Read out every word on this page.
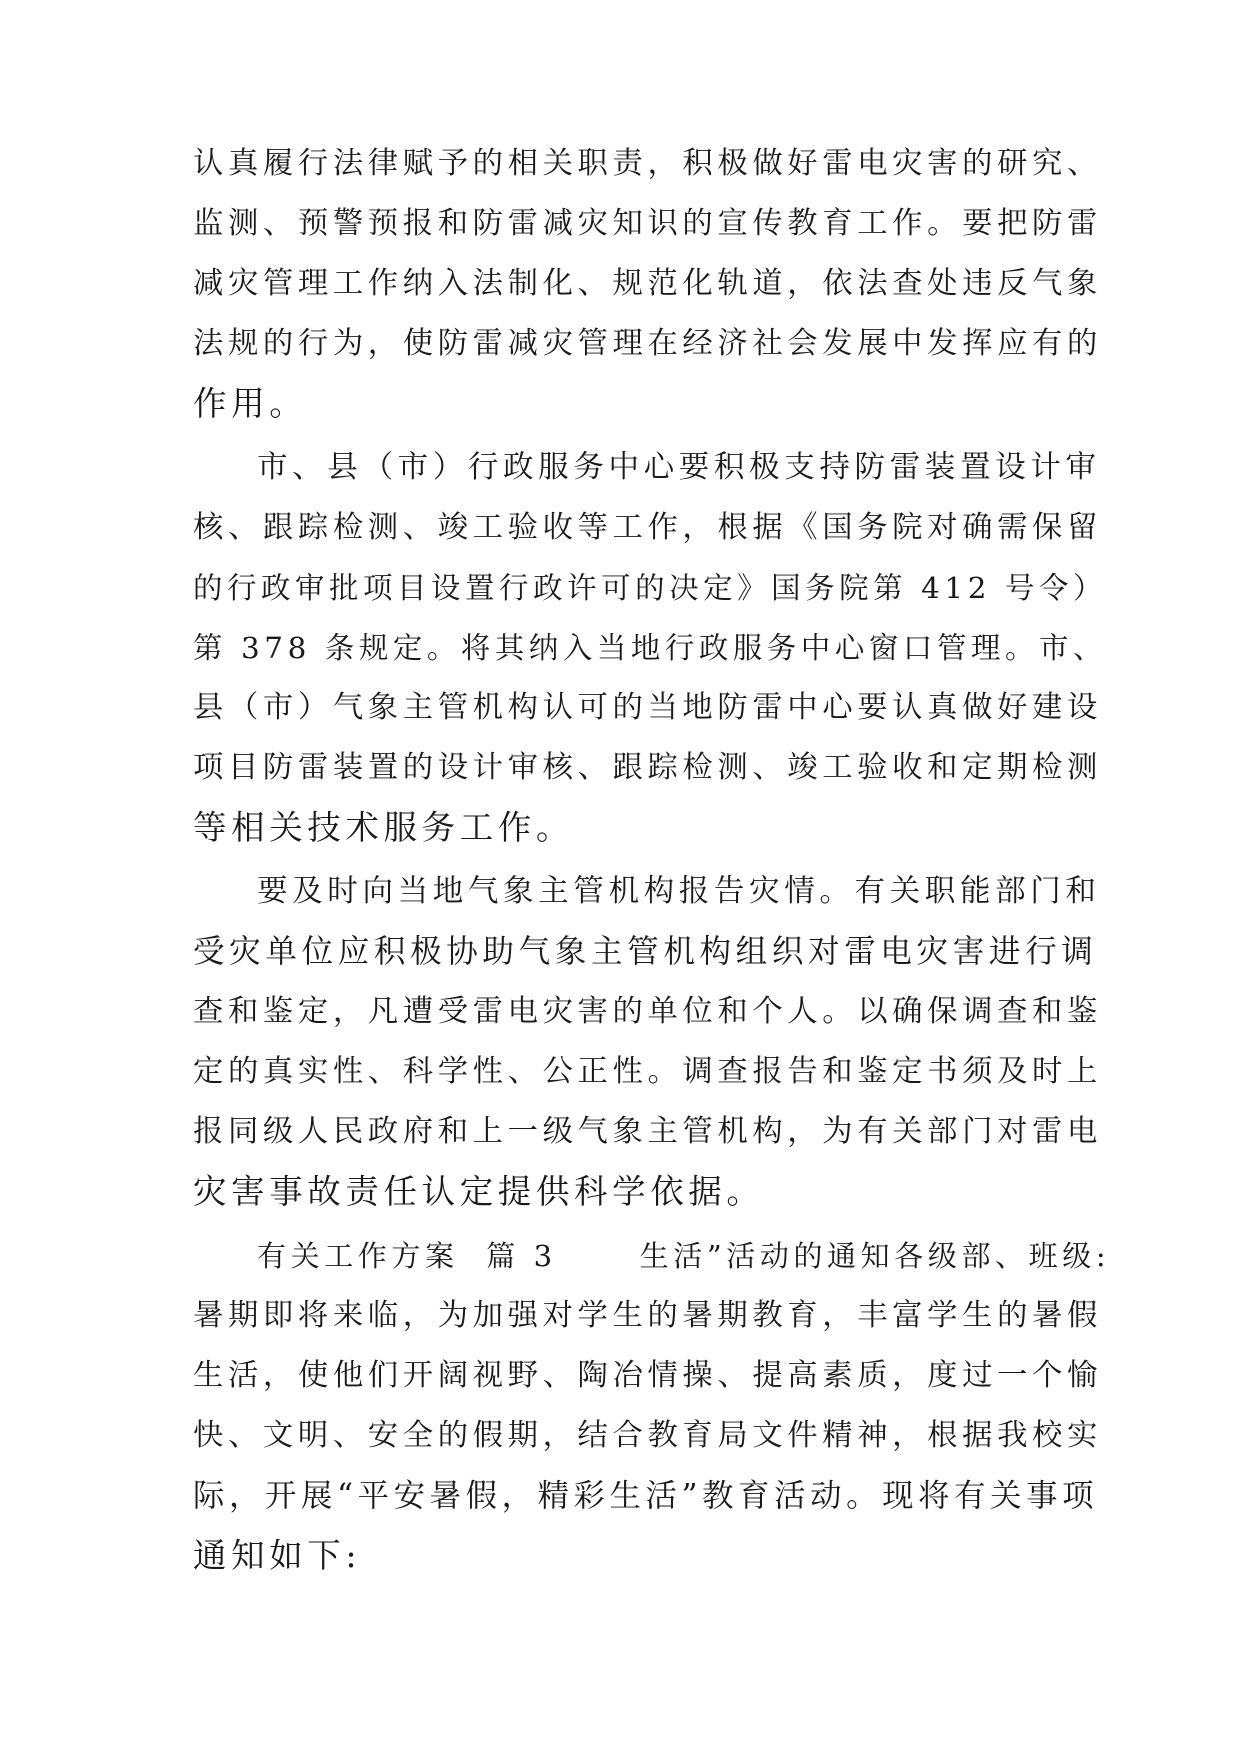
认真履行法律赋予的相关职责，积极做好雷电灾害的研究、
监测、预警预报和防雷减灾知识的宣传教育工作。要把防雷
减灾管理工作纳入法制化、规范化轨道，依法查处违反气象
法规的行为，使防雷减灾管理在经济社会发展中发挥应有的
作用。
市、县（市）行政服务中心要积极支持防雷装置设计审
核、跟踪检测、竣工验收等工作，根据《国务院对确需保留
的行政审批项目设置行政许可的决定》国务院第 412 号令）
第 378 条规定。将其纳入当地行政服务中心窗口管理。市、
县（市）气象主管机构认可的当地防雷中心要认真做好建设
项目防雷装置的设计审核、跟踪检测、竣工验收和定期检测
等相关技术服务工作。
要及时向当地气象主管机构报告灾情。有关职能部门和
受灾单位应积极协助气象主管机构组织对雷电灾害进行调
查和鉴定，凡遭受雷电灾害的单位和个人。以确保调查和鉴
定的真实性、科学性、公正性。调查报告和鉴定书须及时上
报同级人民政府和上一级气象主管机构，为有关部门对雷电
灾害事故责任认定提供科学依据。
有关工作方案  篇 3      生活”活动的通知各级部、班级:
暑期即将来临，为加强对学生的暑期教育，丰富学生的暑假
生活，使他们开阔视野、陶冶情操、提高素质，度过一个愉
快、文明、安全的假期，结合教育局文件精神，根据我校实
际，开展“平安暑假，精彩生活”教育活动。现将有关事项
通知如下:
